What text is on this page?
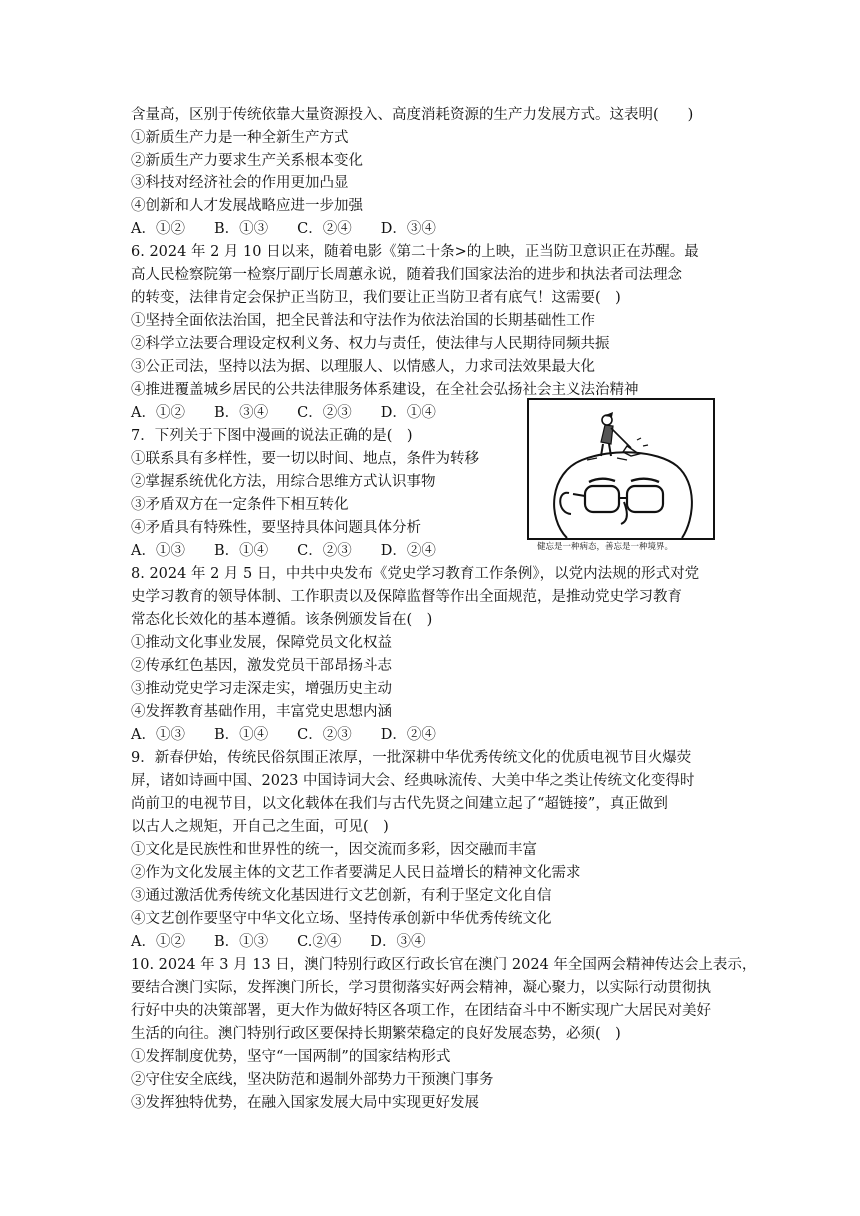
含量高，区别于传统依靠大量资源投入、高度消耗资源的生产力发展方式。这表明(　　)
①新质生产力是一种全新生产方式
②新质生产力要求生产关系根本变化
③科技对经济社会的作用更加凸显
④创新和人才发展战略应进一步加强
A．①②　　B．①③　　C．②④　　D．③④
6. 2024 年 2 月 10 日以来，随着电影《第二十条>的上映，正当防卫意识正在苏醒。最
高人民检察院第一检察厅副厅长周蕙永说，随着我们国家法治的进步和执法者司法理念
的转变，法律肯定会保护正当防卫，我们要让正当防卫者有底气！这需要(　)
①坚持全面依法治国，把全民普法和守法作为依法治国的长期基础性工作
②科学立法要合理设定权利义务、权力与责任，使法律与人民期待同频共振
③公正司法，坚持以法为据、以理服人、以情感人，力求司法效果最大化
④推进覆盖城乡居民的公共法律服务体系建设，在全社会弘扬社会主义法治精神
A．①②　　B．③④　　C．②③　　D．①④
7．下列关于下图中漫画的说法正确的是(　)
①联系具有多样性，要一切以时间、地点，条件为转移
②掌握系统优化方法，用综合思维方式认识事物
③矛盾双方在一定条件下相互转化
④矛盾具有特殊性，要坚持具体问题具体分析
A．①③　　B．①④　　C．②③　　D．②④
8. 2024 年 2 月 5 日，中共中央发布《党史学习教育工作条例》，以党内法规的形式对党
史学习教育的领导体制、工作职责以及保障监督等作出全面规范，是推动党史学习教育
常态化长效化的基本遵循。该条例颁发旨在(　)
①推动文化事业发展，保障党员文化权益
②传承红色基因，激发党员干部昂扬斗志
③推动党史学习走深走实，增强历史主动
④发挥教育基础作用，丰富党史思想内涵
A．①③　　B．①④　　C．②③　　D．②④
9．新春伊始，传统民俗氛围正浓厚，一批深耕中华优秀传统文化的优质电视节目火爆荧
屏，诸如诗画中国、2023 中国诗词大会、经典咏流传、大美中华之类让传统文化变得时
尚前卫的电视节目，以文化载体在我们与古代先贤之间建立起了“超链接”，真正做到
以古人之规矩，开自己之生面，可见(　)
①文化是民族性和世界性的统一，因交流而多彩，因交融而丰富
②作为文化发展主体的文艺工作者要满足人民日益增长的精神文化需求
③通过激活优秀传统文化基因进行文艺创新，有利于坚定文化自信
④文艺创作要坚守中华文化立场、坚持传承创新中华优秀传统文化
A．①②　　B．①③　　C.②④　　D．③④
10. 2024 年 3 月 13 日，澳门特别行政区行政长官在澳门 2024 年全国两会精神传达会上表示，
要结合澳门实际，发挥澳门所长，学习贯彻落实好两会精神，凝心聚力，以实际行动贯彻执
行好中央的决策部署，更大作为做好特区各项工作，在团结奋斗中不断实现广大居民对美好
生活的向往。澳门特别行政区要保持长期繁荣稳定的良好发展态势，必须(　)
①发挥制度优势，坚守“一国两制”的国家结构形式
②守住安全底线，坚决防范和遏制外部势力干预澳门事务
③发挥独特优势，在融入国家发展大局中实现更好发展
健忘是一种病态，善忘是一种境界。
